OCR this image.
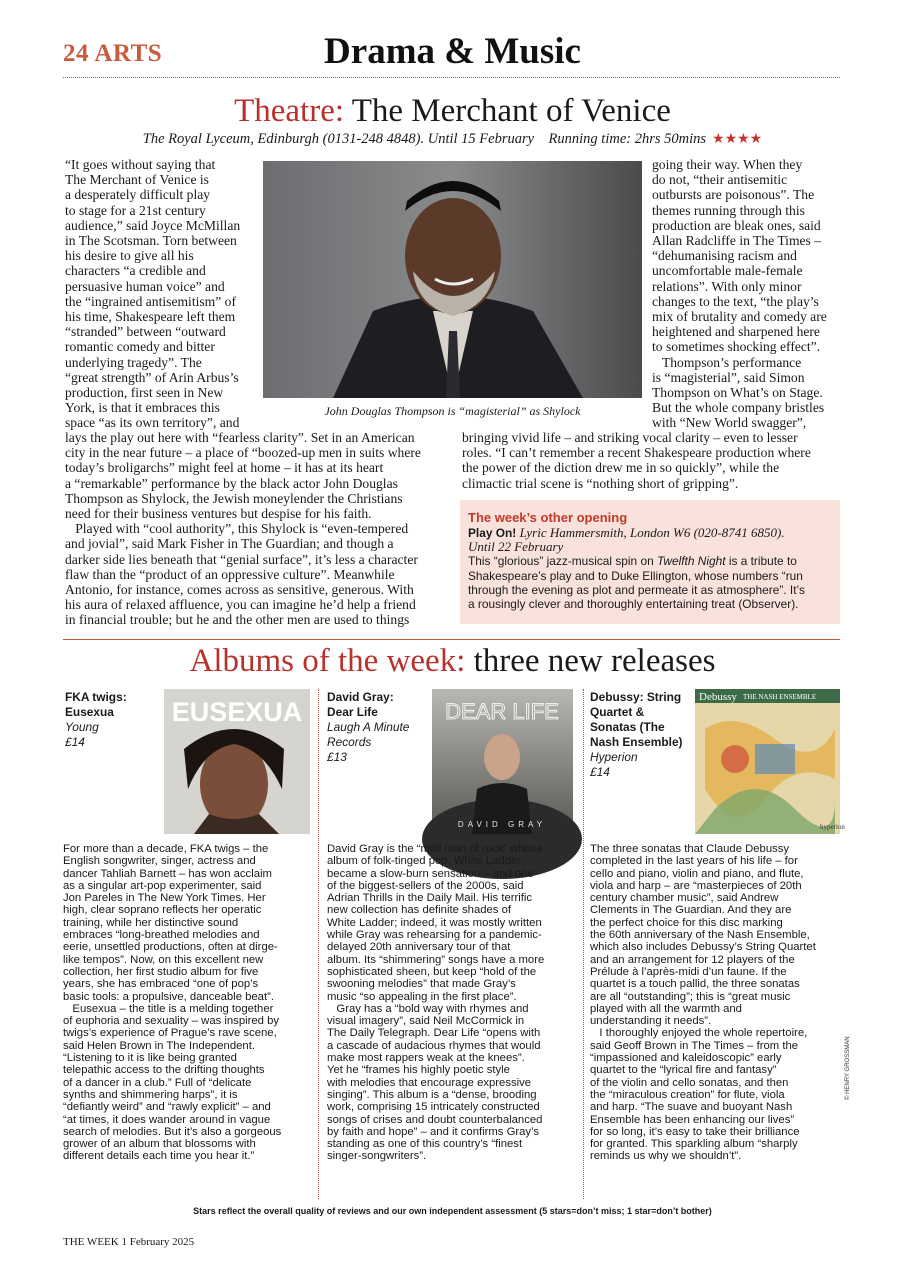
24 ARTS	Drama & Music
Theatre: The Merchant of Venice
The Royal Lyceum, Edinburgh (0131-248 4848). Until 15 February Running time: 2hrs 50mins ★★★★
“It goes without saying that
The Merchant of Venice is
a desperately difficult play
to stage for a 21st century
audience,” said Joyce McMillan
in The Scotsman. Torn between
his desire to give all his
characters “a credible and
persuasive human voice” and
the “ingrained antisemitism” of
his time, Shakespeare left them
“stranded” between “outward
romantic comedy and bitter
underlying tragedy”. The
“great strength” of Arin Arbus’s
production, first seen in New
York, is that it embraces this
space “as its own territory”, and
lays the play out here with “fearless clarity”. Set in an American
city in the near future – a place of “boozed-up men in suits where
today’s broligarchs” might feel at home – it has at its heart
a “remarkable” performance by the black actor John Douglas
Thompson as Shylock, the Jewish moneylender the Christians
need for their business ventures but despise for his faith.
Played with “cool authority”, this Shylock is “even-tempered
and jovial”, said Mark Fisher in The Guardian; and though a
darker side lies beneath that “genial surface”, it’s less a character
flaw than the “product of an oppressive culture”. Meanwhile
Antonio, for instance, comes across as sensitive, generous. With
his aura of relaxed affluence, you can imagine he’d help a friend
in financial trouble; but he and the other men are used to things
going their way. When they
do not, “their antisemitic
outbursts are poisonous”. The
themes running through this
production are bleak ones, said
Allan Radcliffe in The Times –
“dehumanising racism and
uncomfortable male-female
relations”. With only minor
changes to the text, “the play’s
mix of brutality and comedy are
heightened and sharpened here
to sometimes shocking effect”.
Thompson’s performance
is “magisterial”, said Simon
Thompson on What’s on Stage.
But the whole company bristles
with “New World swagger”,
bringing vivid life – and striking vocal clarity – even to lesser
roles. “I can’t remember a recent Shakespeare production where
the power of the diction drew me in so quickly”, while the
climactic trial scene is “nothing short of gripping”.
John Douglas Thompson is “magisterial” as Shylock
The week’s other opening
Play On! Lyric Hammersmith, London W6 (020-8741 6850).
Until 22 February
This “glorious” jazz-musical spin on Twelfth Night is a tribute to
Shakespeare’s play and to Duke Ellington, whose numbers “run
through the evening as plot and permeate it as atmosphere”. It’s
a rousingly clever and thoroughly entertaining treat (Observer).
Albums of the week: three new releases
FKA twigs:
Eusexua
Young
£14
EUSEXUA
For more than a decade, FKA twigs – the
English songwriter, singer, actress and
dancer Tahliah Barnett – has won acclaim
as a singular art-pop experimenter, said
Jon Pareles in The New York Times. Her
high, clear soprano reflects her operatic
training, while her distinctive sound
embraces “long-breathed melodies and
eerie, unsettled productions, often at dirge-
like tempos”. Now, on this excellent new
collection, her first studio album for five
years, she has embraced “one of pop’s
basic tools: a propulsive, danceable beat”.
Eusexua – the title is a melding together
of euphoria and sexuality – was inspired by
twigs’s experience of Prague’s rave scene,
said Helen Brown in The Independent.
“Listening to it is like being granted
telepathic access to the drifting thoughts
of a dancer in a club.” Full of “delicate
synths and shimmering harps”, it is
“defiantly weird” and “rawly explicit” – and
“at times, it does wander around in vague
search of melodies. But it’s also a gorgeous
grower of an album that blossoms with
different details each time you hear it.”
David Gray:
Dear Life
Laugh A Minute Records
£13
DEAR LIFE
DAVID GRAY
David Gray is the “mild man of rock” whose
album of folk-tinged pop, White Ladder,
became a slow-burn sensation – and one
of the biggest-sellers of the 2000s, said
Adrian Thrills in the Daily Mail. His terrific
new collection has definite shades of
White Ladder; indeed, it was mostly written
while Gray was rehearsing for a pandemic-
delayed 20th anniversary tour of that
album. Its “shimmering” songs have a more
sophisticated sheen, but keep “hold of the
swooning melodies” that made Gray’s
music “so appealing in the first place”.
Gray has a “bold way with rhymes and
visual imagery”, said Neil McCormick in
The Daily Telegraph. Dear Life “opens with
a cascade of audacious rhymes that would
make most rappers weak at the knees”.
Yet he “frames his highly poetic style
with melodies that encourage expressive
singing”. This album is a “dense, brooding
work, comprising 15 intricately constructed
songs of crises and doubt counterbalanced
by faith and hope” – and it confirms Gray’s
standing as one of this country’s “finest
singer-songwriters”.
Debussy: String Quartet & Sonatas (The Nash Ensemble)
Hyperion
£14
Debussy THE NASH ENSEMBLE
hyperion
The three sonatas that Claude Debussy
completed in the last years of his life – for
cello and piano, violin and piano, and flute,
viola and harp – are “masterpieces of 20th
century chamber music”, said Andrew
Clements in The Guardian. And they are
the perfect choice for this disc marking
the 60th anniversary of the Nash Ensemble,
which also includes Debussy’s String Quartet
and an arrangement for 12 players of the
Prélude à l’après-midi d’un faune. If the
quartet is a touch pallid, the three sonatas
are all “outstanding”; this is “great music
played with all the warmth and
understanding it needs”.
I thoroughly enjoyed the whole repertoire,
said Geoff Brown in The Times – from the
“impassioned and kaleidoscopic” early
quartet to the “lyrical fire and fantasy”
of the violin and cello sonatas, and then
the “miraculous creation” for flute, viola
and harp. “The suave and buoyant Nash
Ensemble has been enhancing our lives”
for so long, it’s easy to take their brilliance
for granted. This sparkling album “sharply
reminds us why we shouldn’t”.
© HENRY GROSSMAN
Stars reflect the overall quality of reviews and our own independent assessment (5 stars=don’t miss; 1 star=don’t bother)
THE WEEK 1 February 2025
